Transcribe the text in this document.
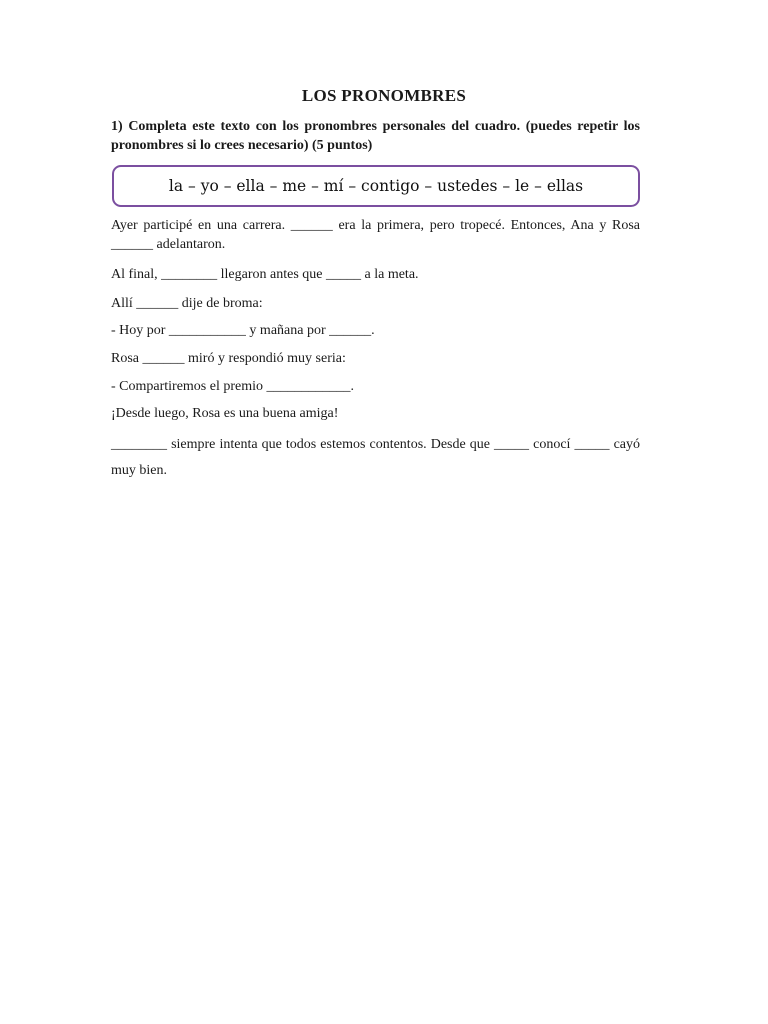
LOS PRONOMBRES
1) Completa este texto con los pronombres personales del cuadro. (puedes repetir los pronombres si lo crees necesario) (5 puntos)
la – yo – ella – me – mí – contigo – ustedes – le – ellas
Ayer participé en una carrera. ______ era la primera, pero tropecé. Entonces, Ana y Rosa ______ adelantaron.
Al final, ________ llegaron antes que _____ a la meta.
Allí ______ dije de broma:
- Hoy por ___________ y mañana por ______.
Rosa ______ miró y respondió muy seria:
- Compartiremos el premio ____________.
¡Desde luego, Rosa es una buena amiga!
________ siempre intenta que todos estemos contentos. Desde que _____ conocí _____ cayó muy bien.
